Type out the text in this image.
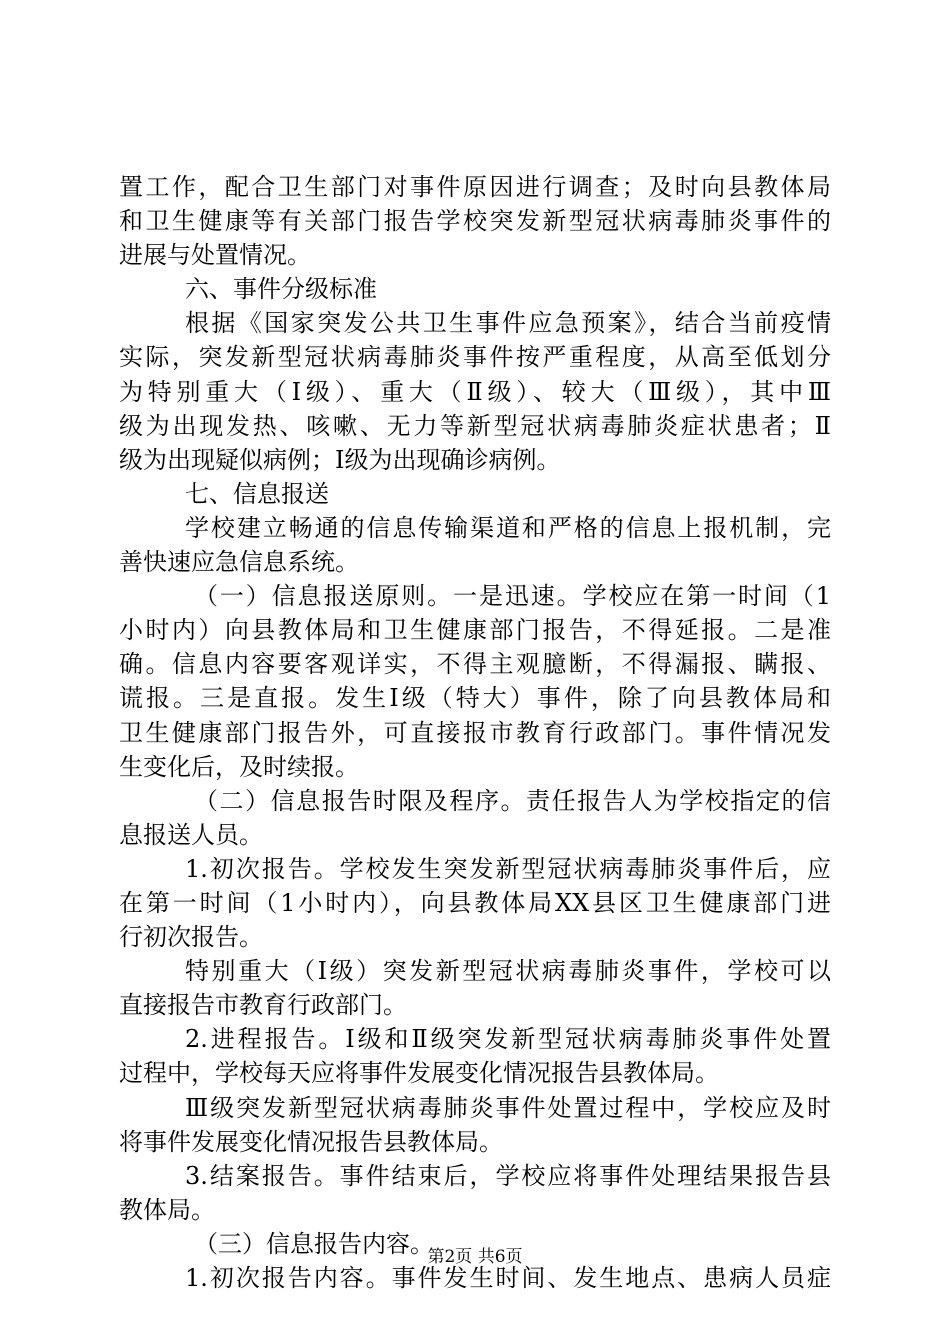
置工作，配合卫生部门对事件原因进行调查；及时向县教体局
和卫生健康等有关部门报告学校突发新型冠状病毒肺炎事件的
进展与处置情况。
六、事件分级标准
根据《国家突发公共卫生事件应急预案》，结合当前疫情
实际，突发新型冠状病毒肺炎事件按严重程度，从高至低划分
为特别重大（Ⅰ级）、重大（Ⅱ级）、较大（Ⅲ级），其中Ⅲ
级为出现发热、咳嗽、无力等新型冠状病毒肺炎症状患者；Ⅱ
级为出现疑似病例；Ⅰ级为出现确诊病例。
七、信息报送
学校建立畅通的信息传输渠道和严格的信息上报机制，完
善快速应急信息系统。
（一）信息报送原则。一是迅速。学校应在第一时间（1
小时内）向县教体局和卫生健康部门报告，不得延报。二是准
确。信息内容要客观详实，不得主观臆断，不得漏报、瞒报、
谎报。三是直报。发生Ⅰ级（特大）事件，除了向县教体局和
卫生健康部门报告外，可直接报市教育行政部门。事件情况发
生变化后，及时续报。
（二）信息报告时限及程序。责任报告人为学校指定的信
息报送人员。
1.初次报告。学校发生突发新型冠状病毒肺炎事件后，应
在第一时间（1小时内），向县教体局XX县区卫生健康部门进
行初次报告。
特别重大（Ⅰ级）突发新型冠状病毒肺炎事件，学校可以
直接报告市教育行政部门。
2.进程报告。Ⅰ级和Ⅱ级突发新型冠状病毒肺炎事件处置
过程中，学校每天应将事件发展变化情况报告县教体局。
Ⅲ级突发新型冠状病毒肺炎事件处置过程中，学校应及时
将事件发展变化情况报告县教体局。
3.结案报告。事件结束后，学校应将事件处理结果报告县
教体局。
（三）信息报告内容。
1.初次报告内容。事件发生时间、发生地点、患病人员症
第2页 共6页
